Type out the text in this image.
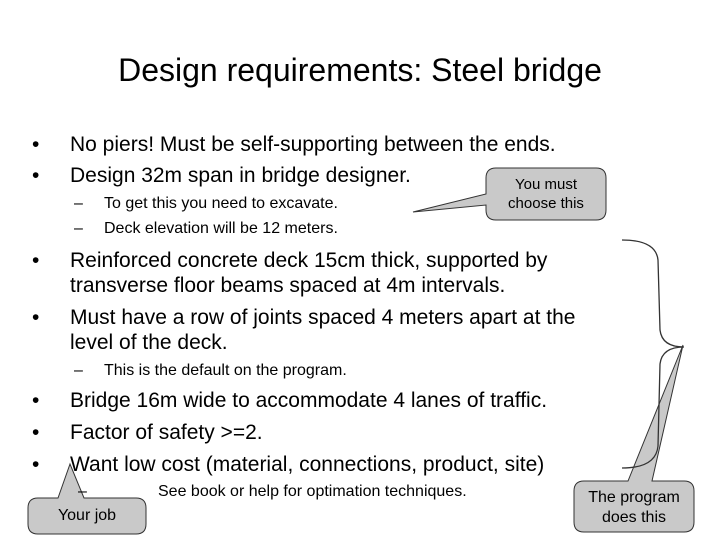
Design requirements: Steel bridge
• No piers! Must be self-supporting between the ends.
• Design 32m span in bridge designer.
– To get this you need to excavate.
– Deck elevation will be 12 meters.
• Reinforced concrete deck 15cm thick, supported by
transverse floor beams spaced at 4m intervals.
• Must have a row of joints spaced 4 meters apart at the
level of the deck.
– This is the default on the program.
• Bridge 16m wide to accommodate 4 lanes of traffic.
• Factor of safety >=2.
• Want low cost (material, connections, product, site)
–	See book or help for optimation techniques.
You must
choose this
The program
does this
Your job
